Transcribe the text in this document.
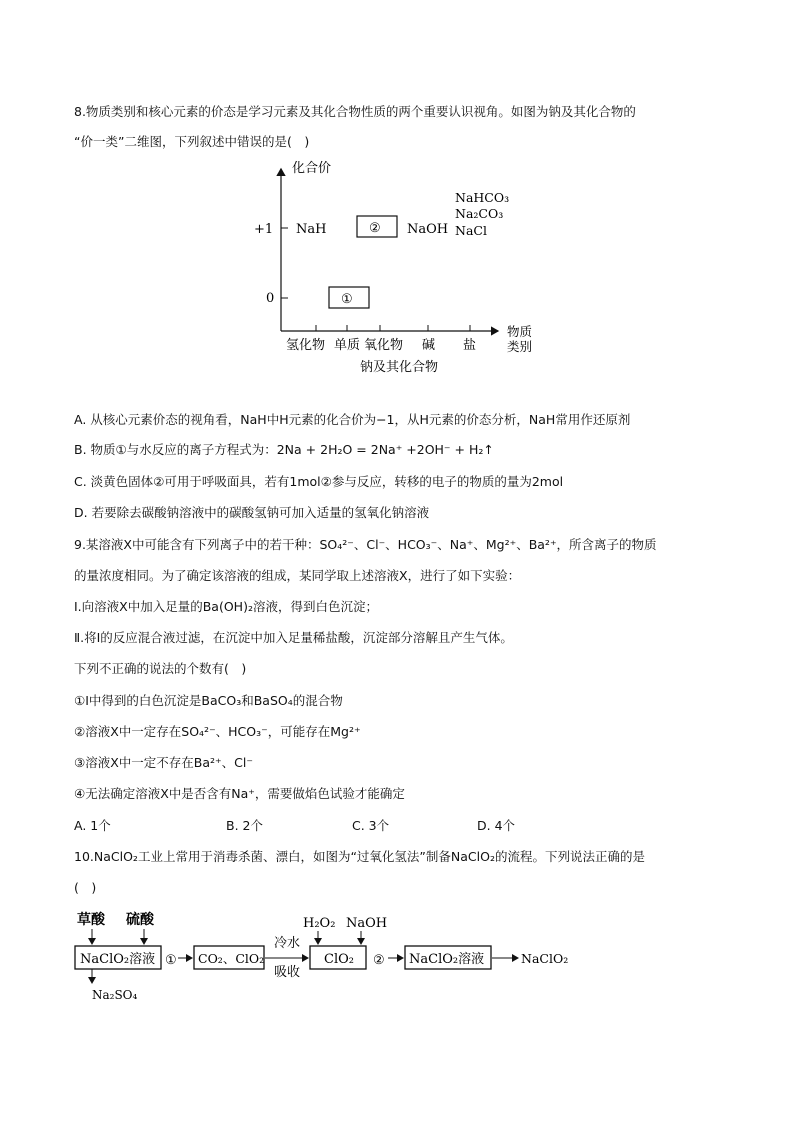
8.物质类别和核心元素的价态是学习元素及其化合物性质的两个重要认识视角。如图为钠及其化合物的
“价一类”二维图，下列叙述中错误的是(　)
化合价
+1
0
物质
类别
氢化物 单质 氧化物 碱 盐
钠及其化合物
NaH	② NaOH
①
NaHCO₃
Na₂CO₃
NaCl
A. 从核心元素价态的视角看，NaH中H元素的化合价为−1，从H元素的价态分析，NaH常用作还原剂
B. 物质①与水反应的离子方程式为：2Na + 2H₂O = 2Na⁺ +2OH⁻ + H₂↑
C. 淡黄色固体②可用于呼吸面具，若有1mol②参与反应，转移的电子的物质的量为2mol
D. 若要除去碳酸钠溶液中的碳酸氢钠可加入适量的氢氧化钠溶液
9.某溶液X中可能含有下列离子中的若干种：SO₄²⁻、Cl⁻、HCO₃⁻、Na⁺、Mg²⁺、Ba²⁺，所含离子的物质
的量浓度相同。为了确定该溶液的组成，某同学取上述溶液X，进行了如下实验：
Ⅰ.向溶液X中加入足量的Ba(OH)₂溶液，得到白色沉淀；
Ⅱ.将Ⅰ的反应混合液过滤，在沉淀中加入足量稀盐酸，沉淀部分溶解且产生气体。
下列不正确的说法的个数有(　)
①Ⅰ中得到的白色沉淀是BaCO₃和BaSO₄的混合物
②溶液X中一定存在SO₄²⁻、HCO₃⁻，可能存在Mg²⁺
③溶液X中一定不存在Ba²⁺、Cl⁻
④无法确定溶液X中是否含有Na⁺，需要做焰色试验才能确定
A. 1个	B. 2个	C. 3个	D. 4个
10.NaClO₂工业上常用于消毒杀菌、漂白，如图为“过氧化氢法”制备NaClO₂的流程。下列说法正确的是
(　)
草酸 硫酸
NaClO₂溶液
Na₂SO₄
① CO₂、ClO₂
冷水
吸收
H₂O₂ NaOH
ClO₂ ② NaClO₂溶液	NaClO₂
